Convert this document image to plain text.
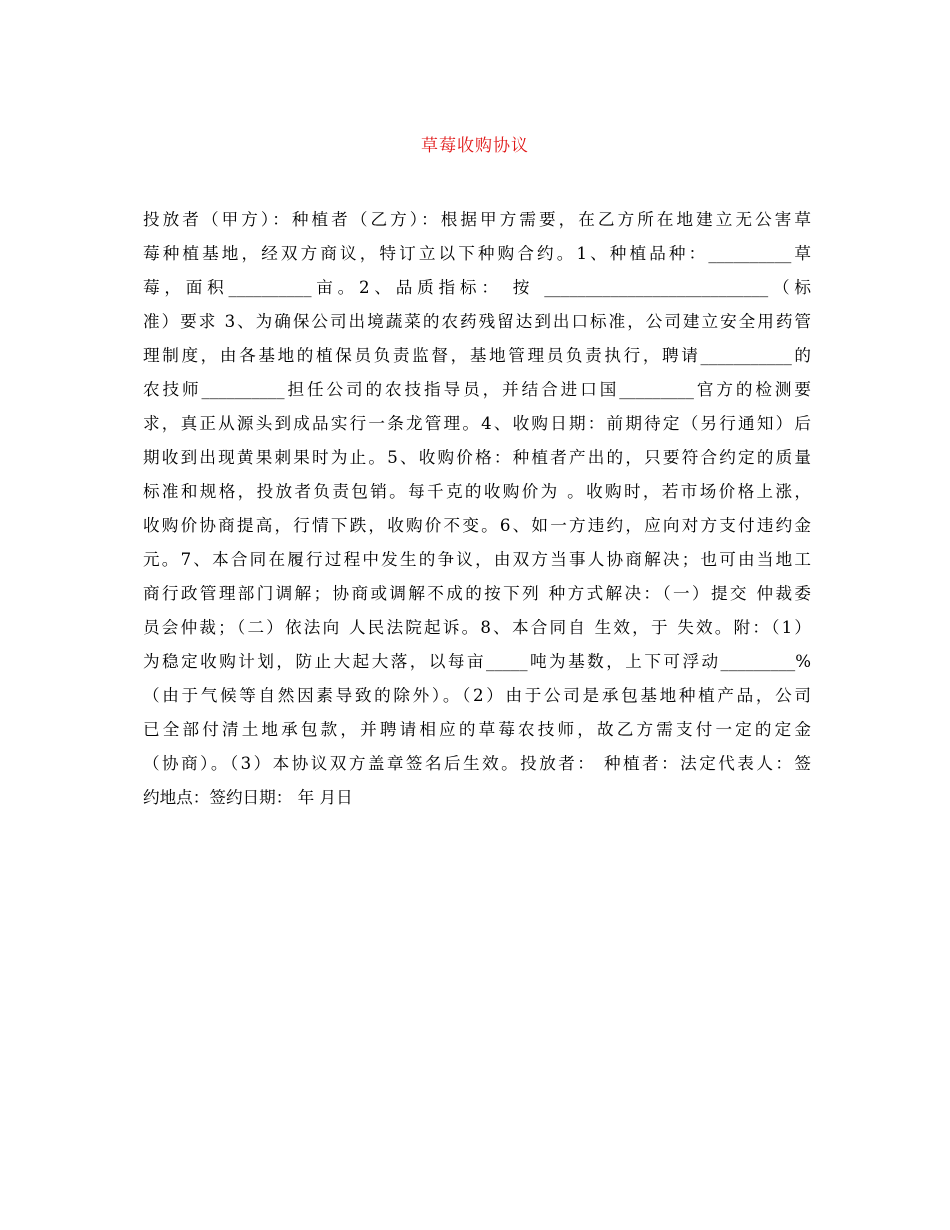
草莓收购协议
投放者（甲方）：种植者（乙方）：根据甲方需要，在乙方所在地建立无公害草
莓种植基地，经双方商议，特订立以下种购合约。1、种植品种：__________草
莓，面积__________亩。2、品质指标： 按 ___________________________（标
准）要求 3、为确保公司出境蔬菜的农药残留达到出口标准，公司建立安全用药管
理制度，由各基地的植保员负责监督，基地管理员负责执行，聘请___________的
农技师__________担任公司的农技指导员，并结合进口国_________官方的检测要
求，真正从源头到成品实行一条龙管理。4、收购日期：前期待定（另行通知）后
期收到出现黄果刺果时为止。5、收购价格：种植者产出的，只要符合约定的质量
标准和规格，投放者负责包销。每千克的收购价为 。收购时，若市场价格上涨，
收购价协商提高，行情下跌，收购价不变。6、如一方违约，应向对方支付违约金
元。7、本合同在履行过程中发生的争议，由双方当事人协商解决；也可由当地工
商行政管理部门调解；协商或调解不成的按下列 种方式解决：（一）提交 仲裁委
员会仲裁；（二）依法向 人民法院起诉。8、本合同自 生效，于 失效。附：（1）
为稳定收购计划，防止大起大落，以每亩_____吨为基数，上下可浮动_________%
（由于气候等自然因素导致的除外）。（2）由于公司是承包基地种植产品，公司
已全部付清土地承包款，并聘请相应的草莓农技师，故乙方需支付一定的定金
（协商）。（3）本协议双方盖章签名后生效。投放者： 种植者：法定代表人：签
约地点：签约日期： 年 月日
